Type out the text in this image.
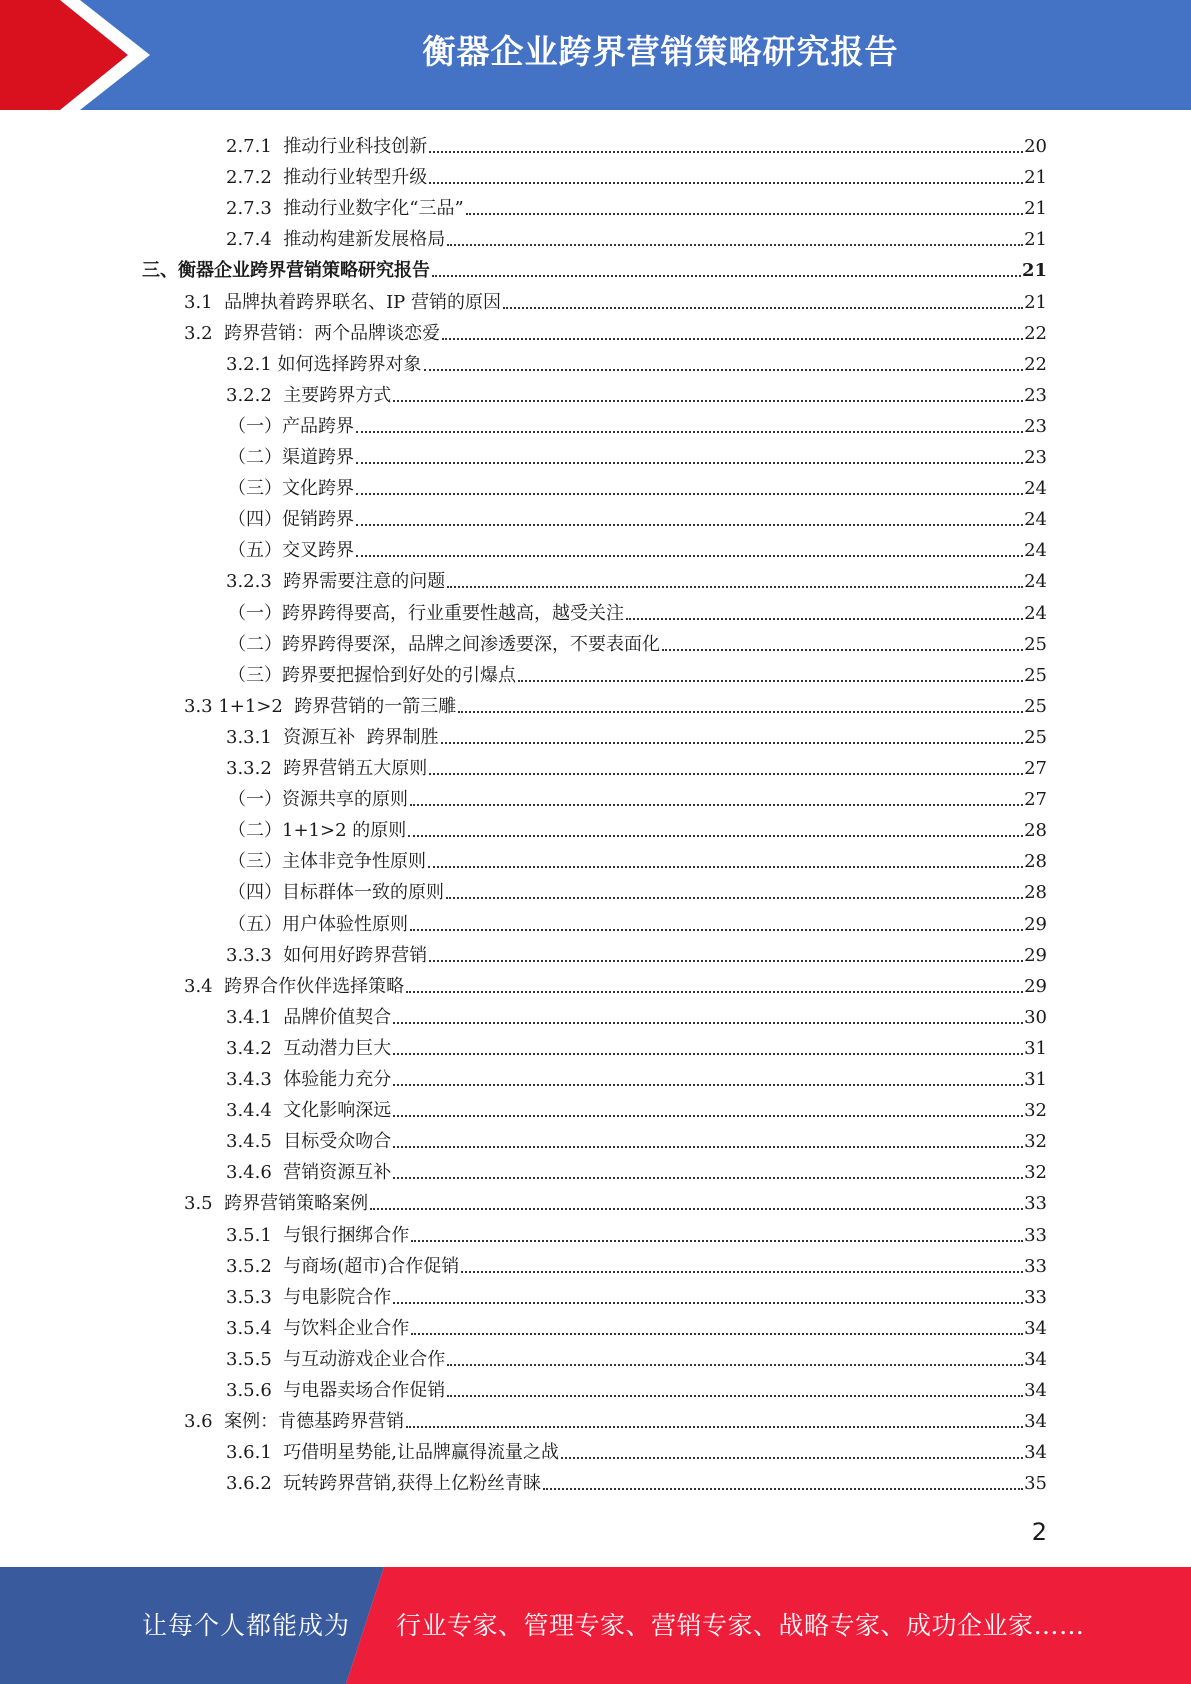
衡器企业跨界营销策略研究报告
2.7.1  推动行业科技创新	20
2.7.2  推动行业转型升级	21
2.7.3  推动行业数字化“三品”	21
2.7.4  推动构建新发展格局	21
三、衡器企业跨界营销策略研究报告	21
3.1  品牌执着跨界联名、IP 营销的原因	21
3.2  跨界营销：两个品牌谈恋爱	22
3.2.1 如何选择跨界对象	22
3.2.2  主要跨界方式	23
（一）产品跨界	23
（二）渠道跨界	23
（三）文化跨界	24
（四）促销跨界	24
（五）交叉跨界	24
3.2.3  跨界需要注意的问题	24
（一）跨界跨得要高，行业重要性越高，越受关注	24
（二）跨界跨得要深，品牌之间渗透要深，不要表面化	25
（三）跨界要把握恰到好处的引爆点	25
3.3 1+1>2  跨界营销的一箭三雕	25
3.3.1  资源互补  跨界制胜	25
3.3.2  跨界营销五大原则	27
（一）资源共享的原则	27
（二）1+1>2 的原则	28
（三）主体非竞争性原则	28
（四）目标群体一致的原则	28
（五）用户体验性原则	29
3.3.3  如何用好跨界营销	29
3.4  跨界合作伙伴选择策略	29
3.4.1  品牌价值契合	30
3.4.2  互动潜力巨大	31
3.4.3  体验能力充分	31
3.4.4  文化影响深远	32
3.4.5  目标受众吻合	32
3.4.6  营销资源互补	32
3.5  跨界营销策略案例	33
3.5.1  与银行捆绑合作	33
3.5.2  与商场(超市)合作促销	33
3.5.3  与电影院合作	33
3.5.4  与饮料企业合作	34
3.5.5  与互动游戏企业合作	34
3.5.6  与电器卖场合作促销	34
3.6  案例：肯德基跨界营销	34
3.6.1  巧借明星势能,让品牌赢得流量之战	34
3.6.2  玩转跨界营销,获得上亿粉丝青睐	35
2
让每个人都能成为 行业专家、管理专家、营销专家、战略专家、成功企业家……
